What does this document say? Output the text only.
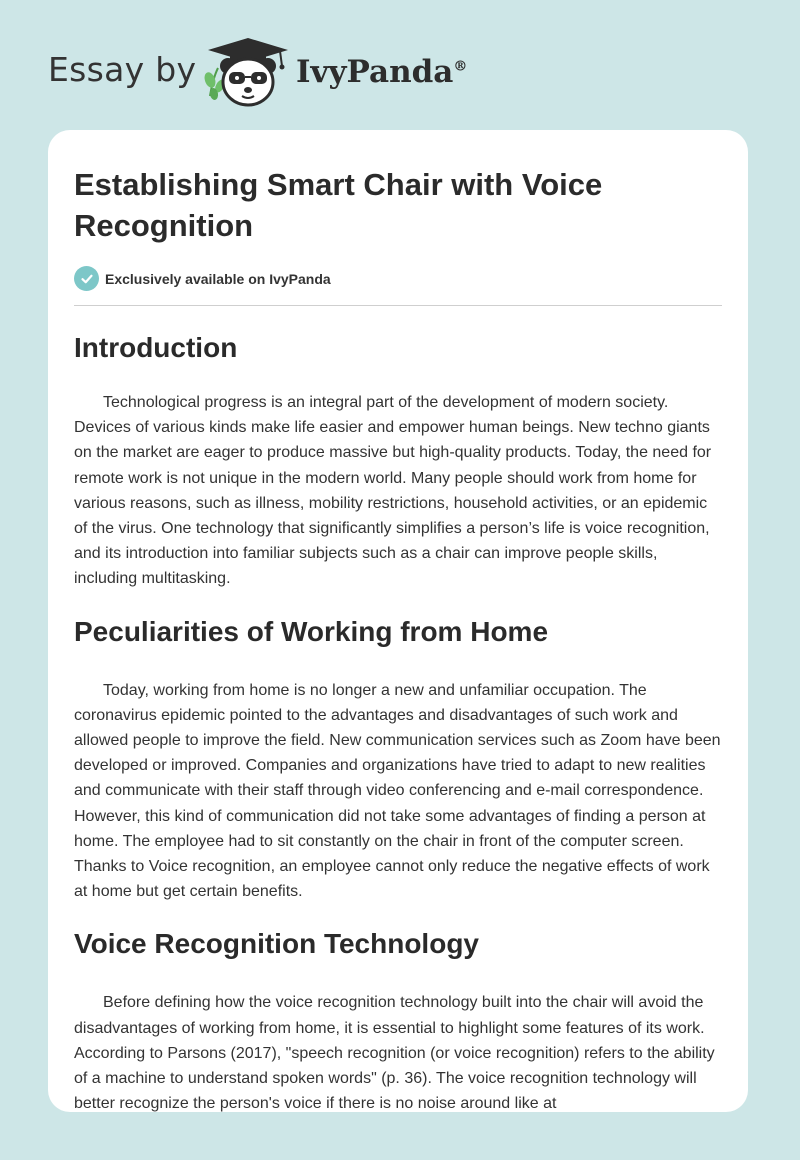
Essay by	IvyPanda®
Establishing Smart Chair with Voice Recognition
Exclusively available on IvyPanda
Introduction

Technological progress is an integral part of the development of modern society. Devices of various kinds make life easier and empower human beings. New techno giants on the market are eager to produce massive but high-quality products. Today, the need for remote work is not unique in the modern world. Many people should work from home for various reasons, such as illness, mobility restrictions, household activities, or an epidemic of the virus. One technology that significantly simplifies a person’s life is voice recognition, and its introduction into familiar subjects such as a chair can improve people skills, including multitasking.

Peculiarities of Working from Home

Today, working from home is no longer a new and unfamiliar occupation. The coronavirus epidemic pointed to the advantages and disadvantages of such work and allowed people to improve the field. New communication services such as Zoom have been developed or improved. Companies and organizations have tried to adapt to new realities and communicate with their staff through video conferencing and e-mail correspondence. However, this kind of communication did not take some advantages of finding a person at home. The employee had to sit constantly on the chair in front of the computer screen. Thanks to Voice recognition, an employee cannot only reduce the negative effects of work at home but get certain benefits.

Voice Recognition Technology

Before defining how the voice recognition technology built into the chair will avoid the disadvantages of working from home, it is essential to highlight some features of its work. According to Parsons (2017), "speech recognition (or voice recognition) refers to the ability of a machine to understand spoken words" (p. 36). The voice recognition technology will better recognize the person's voice if there is no noise around like at
